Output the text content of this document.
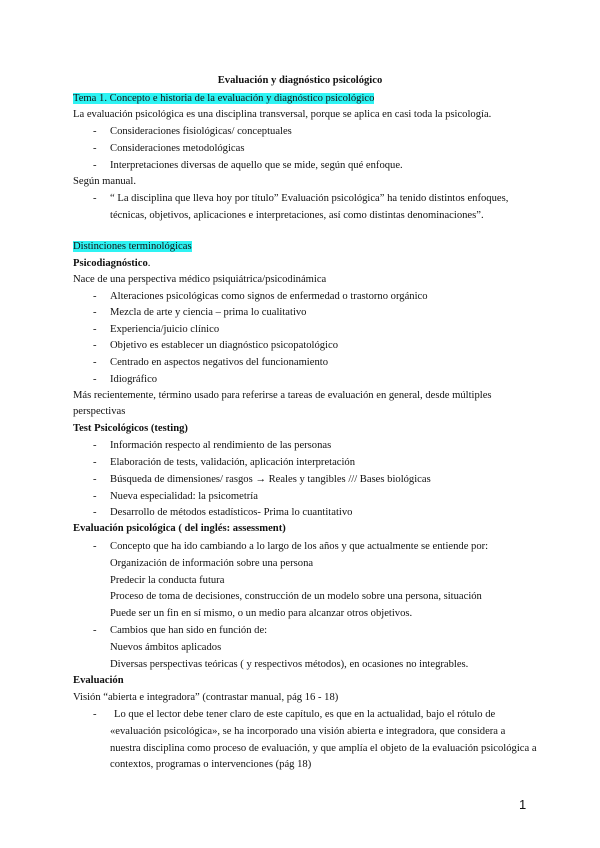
Evaluación y diagnóstico psicológico
Tema 1. Concepto e historia de la evaluación y diagnóstico psicológico
La evaluación psicológica es una disciplina transversal, porque se aplica en casi toda la psicología.
- Consideraciones fisiológicas/ conceptuales
- Consideraciones metodológicas
- Interpretaciones diversas de aquello que se mide, según qué enfoque.
Según manual.
- “ La disciplina que lleva hoy por título” Evaluación psicológica” ha tenido distintos enfoques,
técnicas, objetivos, aplicaciones e interpretaciones, así como distintas denominaciones”.
Distinciones terminológicas
Psicodiagnóstico.
Nace de una perspectiva médico psiquiátrica/psicodinámica
- Alteraciones psicológicas como signos de enfermedad o trastorno orgánico
- Mezcla de arte y ciencia – prima lo cualitativo
- Experiencia/juicio clínico
- Objetivo es establecer un diagnóstico psicopatológico
- Centrado en aspectos negativos del funcionamiento
- Idiográfico
Más recientemente, término usado para referirse a tareas de evaluación en general, desde múltiples
perspectivas
Test Psicológicos (testing)
- Información respecto al rendimiento de las personas
- Elaboración de tests, validación, aplicación interpretación
- Búsqueda de dimensiones/ rasgos → Reales y tangibles /// Bases biológicas
- Nueva especialidad: la psicometría
- Desarrollo de métodos estadísticos- Prima lo cuantitativo
Evaluación psicológica ( del inglés: assessment)
- Concepto que ha ido cambiando a lo largo de los años y que actualmente se entiende por:
Organización de información sobre una persona
Predecir la conducta futura
Proceso de toma de decisiones, construcción de un modelo sobre una persona, situación
Puede ser un fin en sí mismo, o un medio para alcanzar otros objetivos.
- Cambios que han sido en función de:
Nuevos ámbitos aplicados
Diversas perspectivas teóricas ( y respectivos métodos), en ocasiones no integrables.
Evaluación
Visión “abierta e integradora” (contrastar manual, pág 16 - 18)
- Lo que el lector debe tener claro de este capítulo, es que en la actualidad, bajo el rótulo de
«evaluación psicológica», se ha incorporado una visión abierta e integradora, que considera a
nuestra disciplina como proceso de evaluación, y que amplía el objeto de la evaluación psicológica a
contextos, programas o intervenciones (pág 18)
1
